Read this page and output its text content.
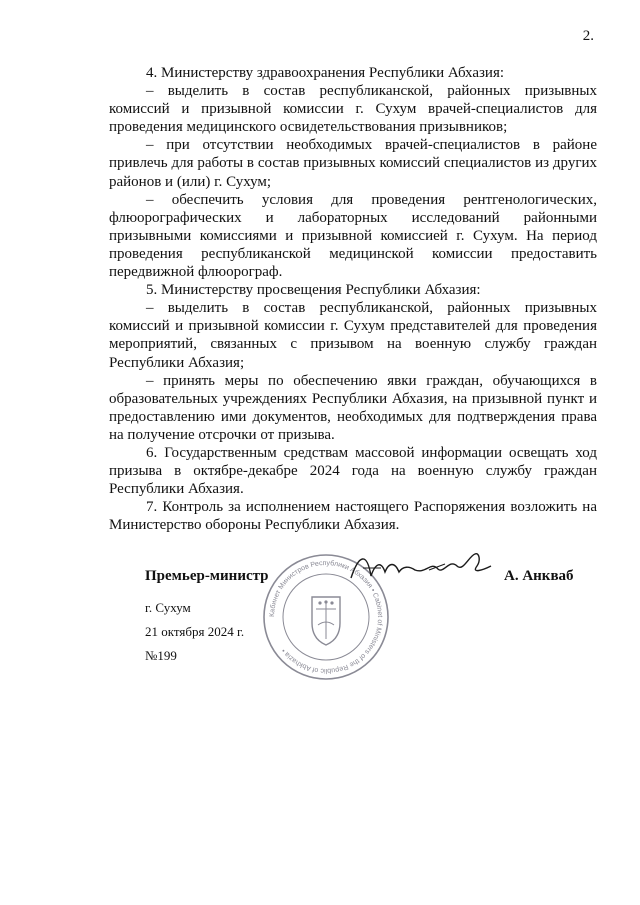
2.

4. Министерству здравоохранения Республики Абхазия:

– выделить в состав республиканской, районных призывных комиссий и призывной комиссии г. Сухум врачей-специалистов для проведения медицинского освидетельствования призывников;

– при отсутствии необходимых врачей-специалистов в районе привлечь для работы в состав призывных комиссий специалистов из других районов и (или) г. Сухум;

– обеспечить условия для проведения рентгенологических, флюорографических и лабораторных исследований районными призывными комиссиями и призывной комиссией г. Сухум. На период проведения республиканской медицинской комиссии предоставить передвижной флюорограф.

5. Министерству просвещения Республики Абхазия:

– выделить в состав республиканской, районных призывных комиссий и призывной комиссии г. Сухум представителей для проведения мероприятий, связанных с призывом на военную службу граждан Республики Абхазия;

– принять меры по обеспечению явки граждан, обучающихся в образовательных учреждениях Республики Абхазия, на призывной пункт и предоставлению ими документов, необходимых для подтверждения права на получение отсрочки от призыва.

6. Государственным средствам массовой информации освещать ход призыва в октябре-декабре 2024 года на военную службу граждан Республики Абхазия.

7. Контроль за исполнением настоящего Распоряжения возложить на Министерство обороны Республики Абхазия.

Кабинет Министров Республики Абхазия • Cabinet of Ministers of the Republic of Abkhazia •
Премьер-министр	А. Анкваб
г. Сухум
21 октября 2024 г.
№199
